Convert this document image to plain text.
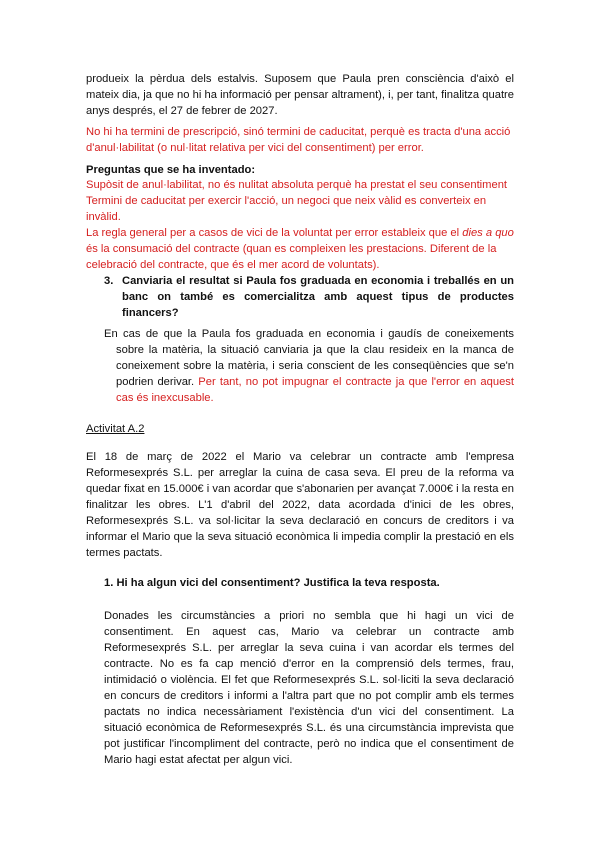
produeix la pèrdua dels estalvis. Suposem que Paula pren consciència d'això el mateix dia, ja que no hi ha informació per pensar altrament), i, per tant, finalitza quatre anys després, el 27 de febrer de 2027.

No hi ha termini de prescripció, sinó termini de caducitat, perquè es tracta d'una acció d'anul·labilitat (o nul·litat relativa per vici del consentiment) per error.

Preguntas que se ha inventado:

Supòsit de anul·labilitat, no és nulitat absoluta perquè ha prestat el seu consentiment
Termini de caducitat per exercir l'acció, un negoci que neix vàlid es converteix en invàlid.
La regla general per a casos de vici de la voluntat per error estableix que el dies a quo és la consumació del contracte (quan es compleixen les prestacions. Diferent de la celebració del contracte, que és el mer acord de voluntats).
3. Canviaria el resultat si Paula fos graduada en economia i treballés en un banc on també es comercialitza amb aquest tipus de productes financers?

En cas de que la Paula fos graduada en economia i gaudís de coneixements sobre la matèria, la situació canviaria ja que la clau resideix en la manca de coneixement sobre la matèria, i seria conscient de les conseqüències que se'n podrien derivar. Per tant, no pot impugnar el contracte ja que l'error en aquest cas és inexcusable.

Activitat A.2

El 18 de març de 2022 el Mario va celebrar un contracte amb l'empresa Reformesexprés S.L. per arreglar la cuina de casa seva. El preu de la reforma va quedar fixat en 15.000€ i van acordar que s'abonarien per avançat 7.000€ i la resta en finalitzar les obres. L'1 d'abril del 2022, data acordada d'inici de les obres, Reformesexprés S.L. va sol·licitar la seva declaració en concurs de creditors i va informar el Mario que la seva situació econòmica li impedia complir la prestació en els termes pactats.

1. Hi ha algun vici del consentiment? Justifica la teva resposta.

Donades les circumstàncies a priori no sembla que hi hagi un vici de consentiment. En aquest cas, Mario va celebrar un contracte amb Reformesexprés S.L. per arreglar la seva cuina i van acordar els termes del contracte. No es fa cap menció d'error en la comprensió dels termes, frau, intimidació o violència. El fet que Reformesexprés S.L. sol·liciti la seva declaració en concurs de creditors i informi a l'altra part que no pot complir amb els termes pactats no indica necessàriament l'existència d'un vici del consentiment. La situació econòmica de Reformesexprés S.L. és una circumstància imprevista que pot justificar l'incompliment del contracte, però no indica que el consentiment de Mario hagi estat afectat per algun vici.
